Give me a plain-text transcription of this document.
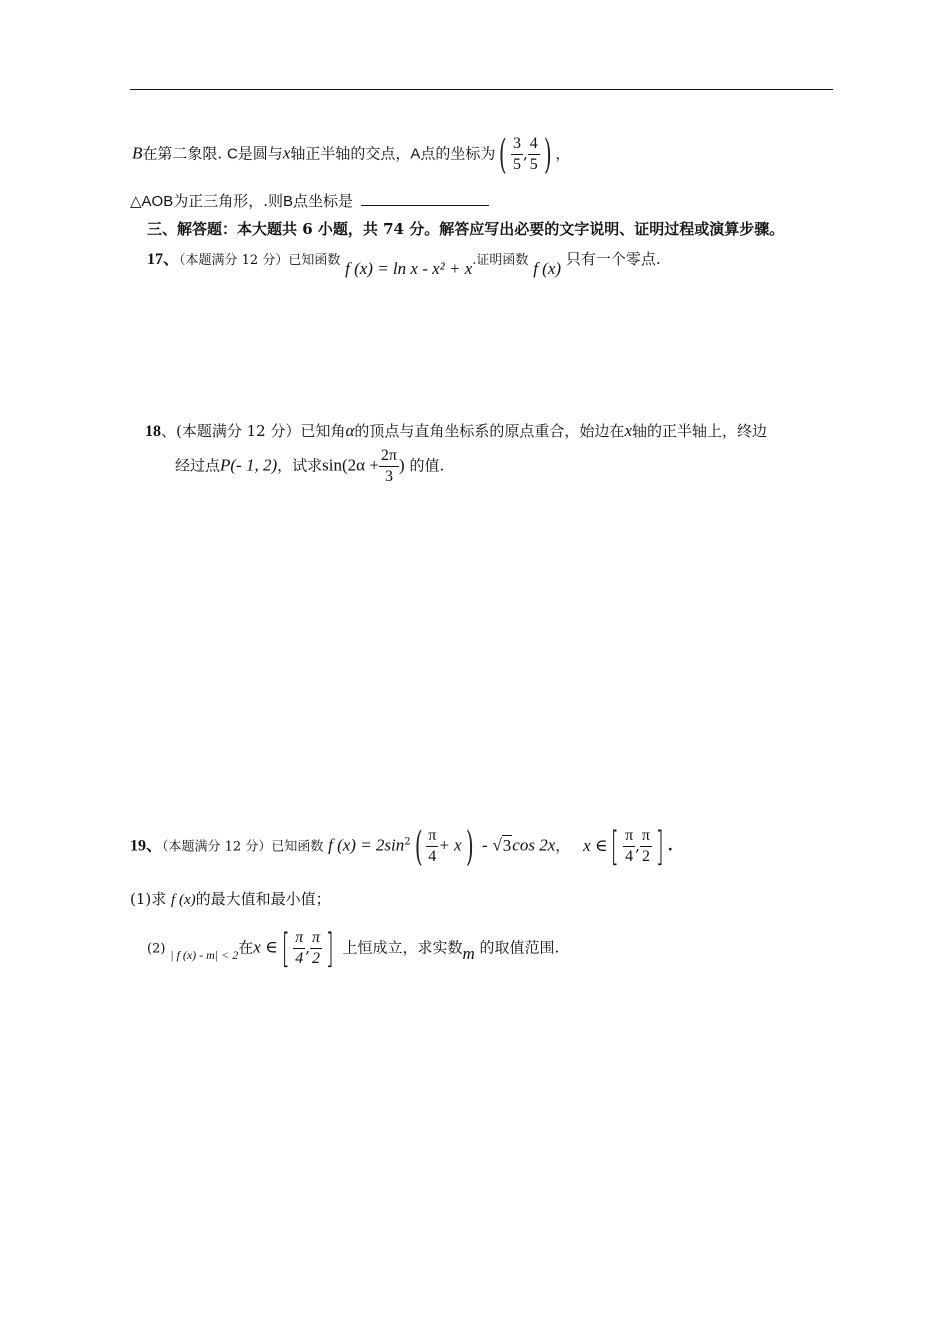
B在第二象限. C是圆与x轴正半轴的交点，A点的坐标为( $\frac{3}{5}$ , $\frac{4}{5}$ ) ，
△AOB为正三角形，.则B点坐标是
三、解答题：本大题共 6 小题，共 74 分。解答应写出必要的文字说明、证明过程或演算步骤。
17、（本题满分 12 分）已知函数 f (x) = ln x - x² + x.证明函数 f (x) 只有一个零点.
18、(本题满分 12 分）已知角α的顶点与直角坐标系的原点重合，始边在x轴的正半轴上，终边
经过点P(- 1, 2)，试求$\sin(2\alpha + \frac{2\pi}{3}$ ) 的值.
19、（本题满分 12 分）已知函数 f $(x) = 2\sin^2( \frac{\pi}{4} + x) - √3\cos$ 2x， x ∈[ $\frac{\pi}{4}$ , $\frac{\pi}{2}$ ] .
(1)求 f (x)的最大值和最小值；
(2) $_{| f (x) - m| < 2}$在x ∈[ $\frac{\pi}{4}$ , $\frac{\pi}{2}$ ] 上恒成立，求实数m 的取值范围.
